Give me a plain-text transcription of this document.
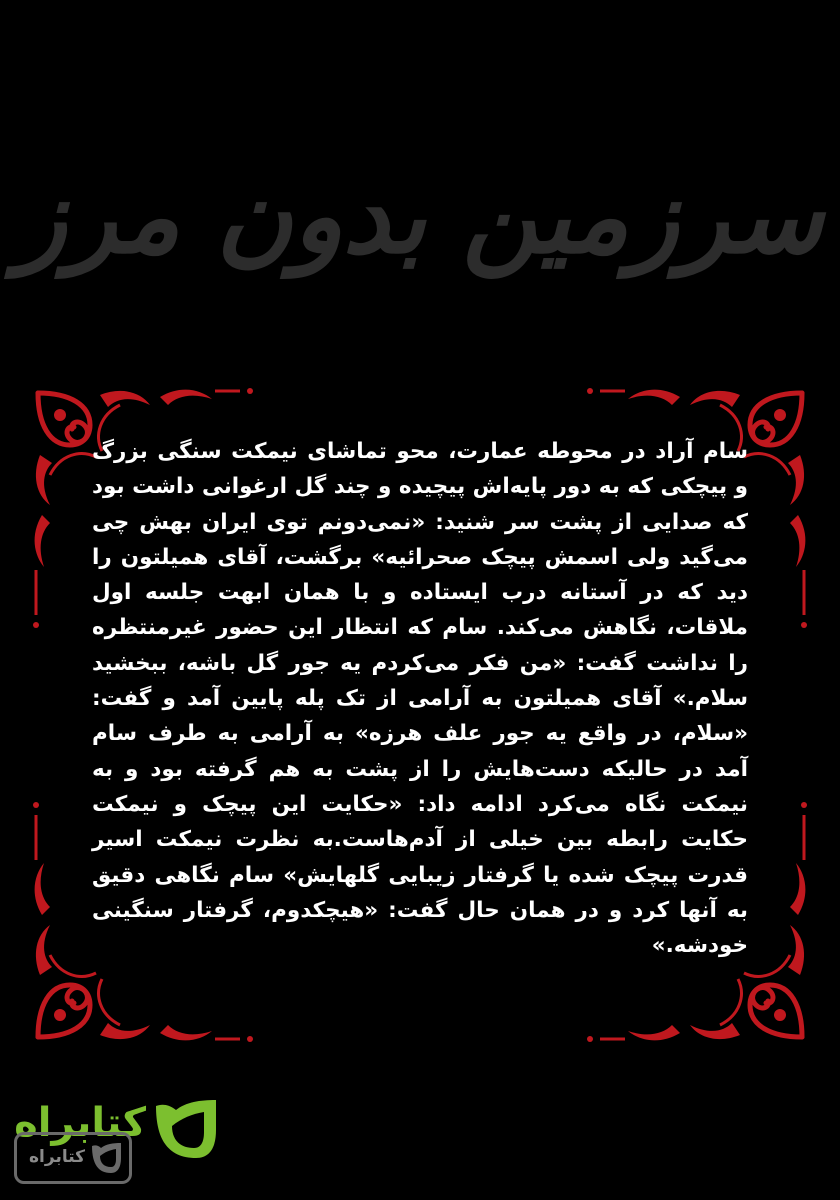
سرزمین بدون مرز

سام آراد در محوطه عمارت، محو تماشای نیمکت سنگی بزرگ و پیچکی که به دور پایه‌اش پیچیده و چند گل ارغوانی داشت بود که صدایی از پشت سر شنید: «نمی‌دونم توی ایران بهش چی می‌گید ولی اسمش پیچک صحرائیه» برگشت، آقای همیلتون را دید که در آستانه درب ایستاده و با همان ابهت جلسه اول ملاقات، نگاهش می‌کند. سام که انتظار این حضور غیرمنتظره را نداشت گفت: «من فکر می‌کردم یه جور گل باشه، ببخشید سلام.» آقای همیلتون به آرامی از تک پله پایین آمد و گفت: «سلام، در واقع یه جور علف هرزه» به آرامی به طرف سام آمد در حالیکه دست‌هایش را از پشت به هم گرفته بود و به نیمکت نگاه می‌کرد ادامه داد: «حکایت این پیچک و نیمکت حکایت رابطه بین خیلی از آدم‌هاست.به نظرت نیمکت اسیر قدرت پیچک شده یا گرفتار زیبایی گلهایش» سام نگاهی دقیق به آنها کرد و در همان حال گفت: «هیچکدوم، گرفتار سنگینی خودشه.»

کتابراه
کتابراه
